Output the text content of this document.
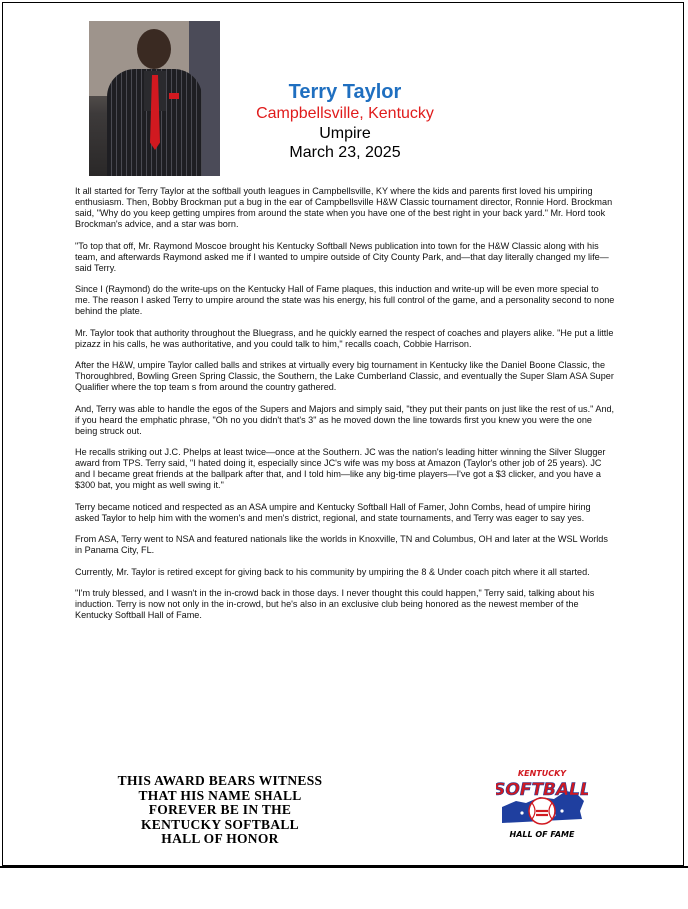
Terry Taylor
Campbellsville, Kentucky
Umpire
March 23, 2025

It all started for Terry Taylor at the softball youth leagues in Campbellsville, KY where the kids and parents first loved his umpiring enthusiasm. Then, Bobby Brockman put a bug in the ear of Campbellsville H&W Classic tournament director, Ronnie Hord. Brockman said, "Why do you keep getting umpires from around the state when you have one of the best right in your back yard." Mr. Hord took Brockman's advice, and a star was born.

"To top that off, Mr. Raymond Moscoe brought his Kentucky Softball News publication into town for the H&W Classic along with his team, and afterwards Raymond asked me if I wanted to umpire outside of City County Park, and—that day literally changed my life—said Terry.

Since I (Raymond) do the write-ups on the Kentucky Hall of Fame plaques, this induction and write-up will be even more special to me. The reason I asked Terry to umpire around the state was his energy, his full control of the game, and a personality second to none behind the plate.

Mr. Taylor took that authority throughout the Bluegrass, and he quickly earned the respect of coaches and players alike. "He put a little pizazz in his calls, he was authoritative, and you could talk to him," recalls coach, Cobbie Harrison.

After the H&W, umpire Taylor called balls and strikes at virtually every big tournament in Kentucky like the Daniel Boone Classic, the Thoroughbred, Bowling Green Spring Classic, the Southern, the Lake Cumberland Classic, and eventually the Super Slam ASA Super Qualifier where the top team s from around the country gathered.

And, Terry was able to handle the egos of the Supers and Majors and simply said, "they put their pants on just like the rest of us." And, if you heard the emphatic phrase, "Oh no you didn't that's 3" as he moved down the line towards first you knew you were the one being struck out.

He recalls striking out J.C. Phelps at least twice—once at the Southern. JC was the nation's leading hitter winning the Silver Slugger award from TPS. Terry said, "I hated doing it, especially since JC's wife was my boss at Amazon (Taylor's other job of 25 years). JC and I became great friends at the ballpark after that, and I told him—like any big-time players—I've got a $3 clicker, and you have a $300 bat, you might as well swing it."

Terry became noticed and respected as an ASA umpire and Kentucky Softball Hall of Famer, John Combs, head of umpire hiring asked Taylor to help him with the women's and men's district, regional, and state tournaments, and Terry was eager to say yes.

From ASA, Terry went to NSA and featured nationals like the worlds in Knoxville, TN and Columbus, OH and later at the WSL Worlds in Panama City, FL.

Currently, Mr. Taylor is retired except for giving back to his community by umpiring the 8 & Under coach pitch where it all started.

"I'm truly blessed, and I wasn't in the in-crowd back in those days. I never thought this could happen," Terry said, talking about his induction. Terry is now not only in the in-crowd, but he's also in an exclusive club being honored as the newest member of the Kentucky Softball Hall of Fame.

THIS AWARD BEARS WITNESS
THAT HIS NAME SHALL
FOREVER BE IN THE
KENTUCKY SOFTBALL
HALL OF HONOR
KENTUCKY
SOFTBALL
HALL OF FAME
